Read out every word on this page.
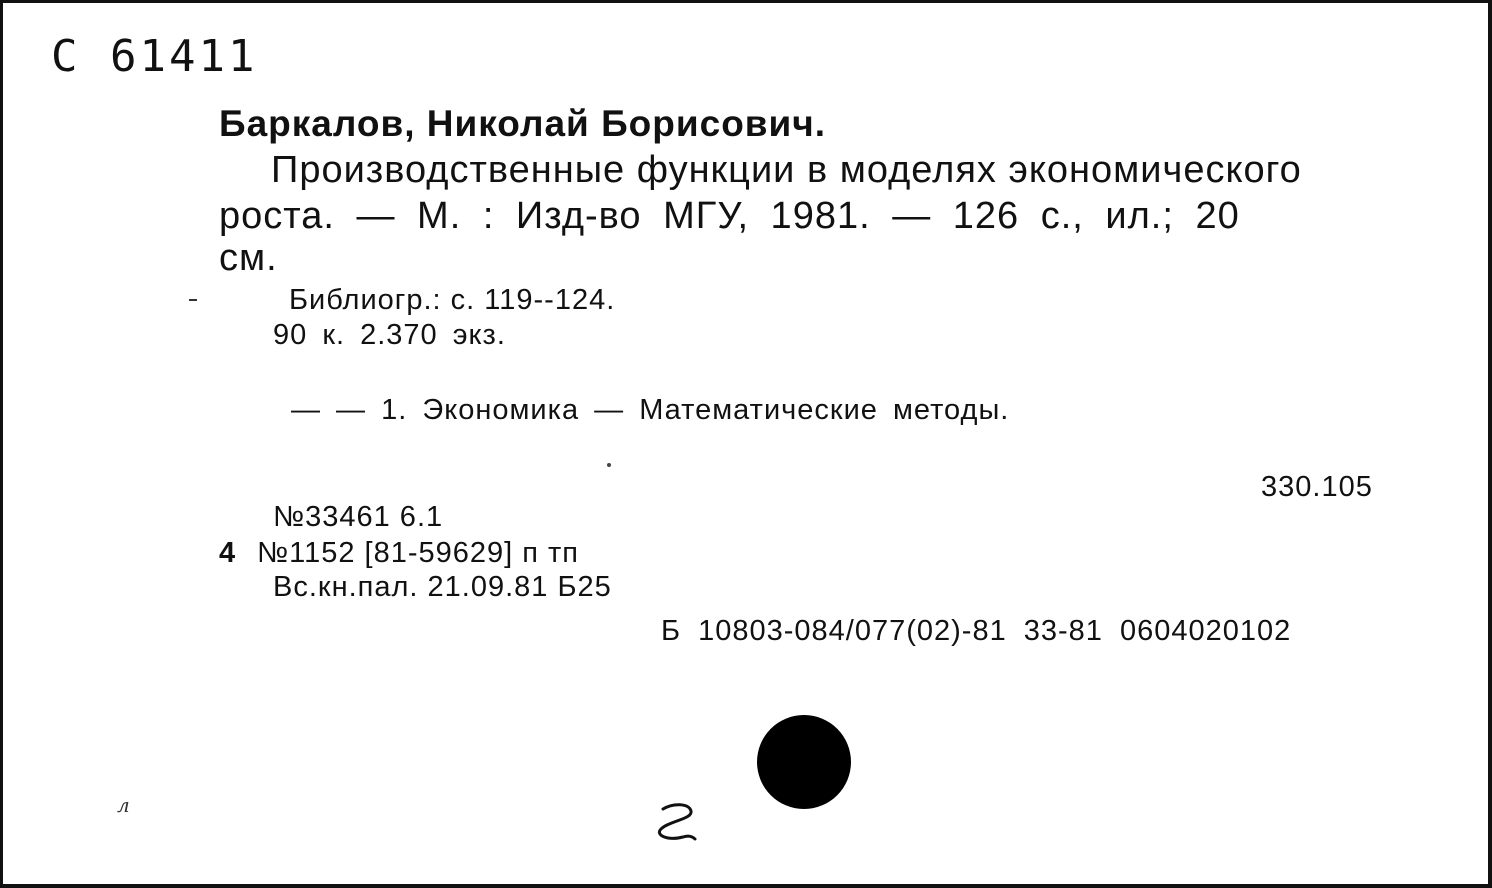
С 61411

Баркалов, Николай Борисович.

Производственные функции в моделях экономического

роста. — М. : Изд-во МГУ, 1981. — 126 с., ил.; 20

см.

Библиогр.: с. 119--124.

90 к. 2.370 экз.

— — 1. Экономика — Математические методы.

330.105

№33461 6.1

4 №1152 [81-59629] п тп

Вс.кн.пал. 21.09.81 Б25

Б 10803-084/077(02)-81 33-81 0604020102

л
